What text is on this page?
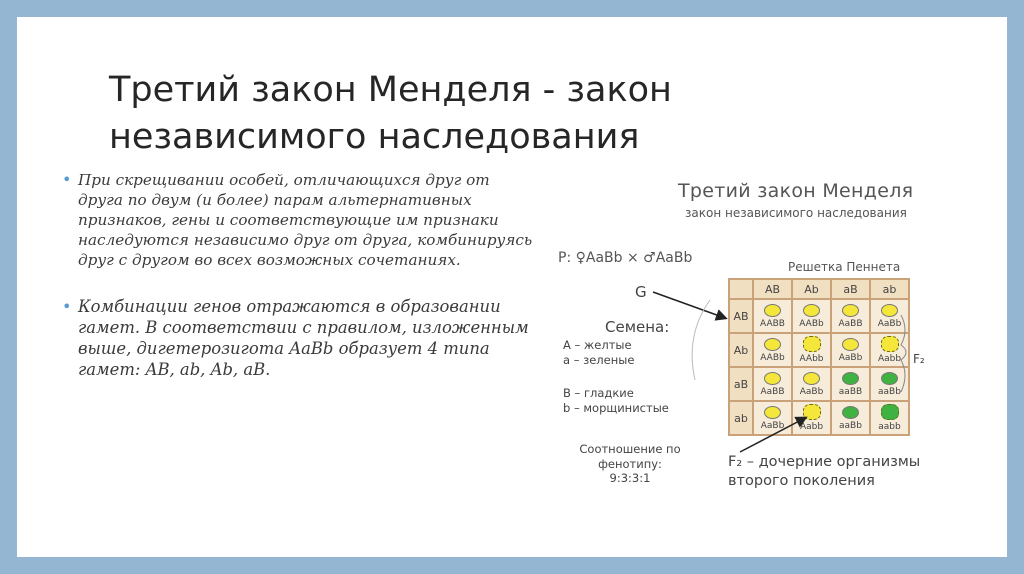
Третий закон Менделя - закон
независимого наследования
• При скрещивании особей, отличающихся друг от друга по двум (и более) парам альтернативных признаков, гены и соответствующие им признаки наследуются независимо друг от друга, комбинируясь друг с другом во всех возможных сочетаниях.
• Комбинации генов отражаются в образовании гамет. В соответствии с правилом, изложенным выше, дигетерозигота AaBb образует 4 типа гамет: AB, ab, Ab, aB.
Третий закон Менделя
закон независимого наследования
P: ♀AaBb × ♂AaBb
Решетка Пеннета
G
Семена:
A – желтые
a – зеленые
B – гладкие
b – морщинистые
Соотношение по
фенотипу:
9:3:3:1
F₂
F₂ – дочерние организмы
второго поколения
AB	Ab	aB	ab
AB
AABB AABb AaBB AaBb
Ab
AABb AAbb AaBb Aabb
aB
AaBB AaBb aaBB aaBb
ab
AaBb Aabb aaBb aabb
